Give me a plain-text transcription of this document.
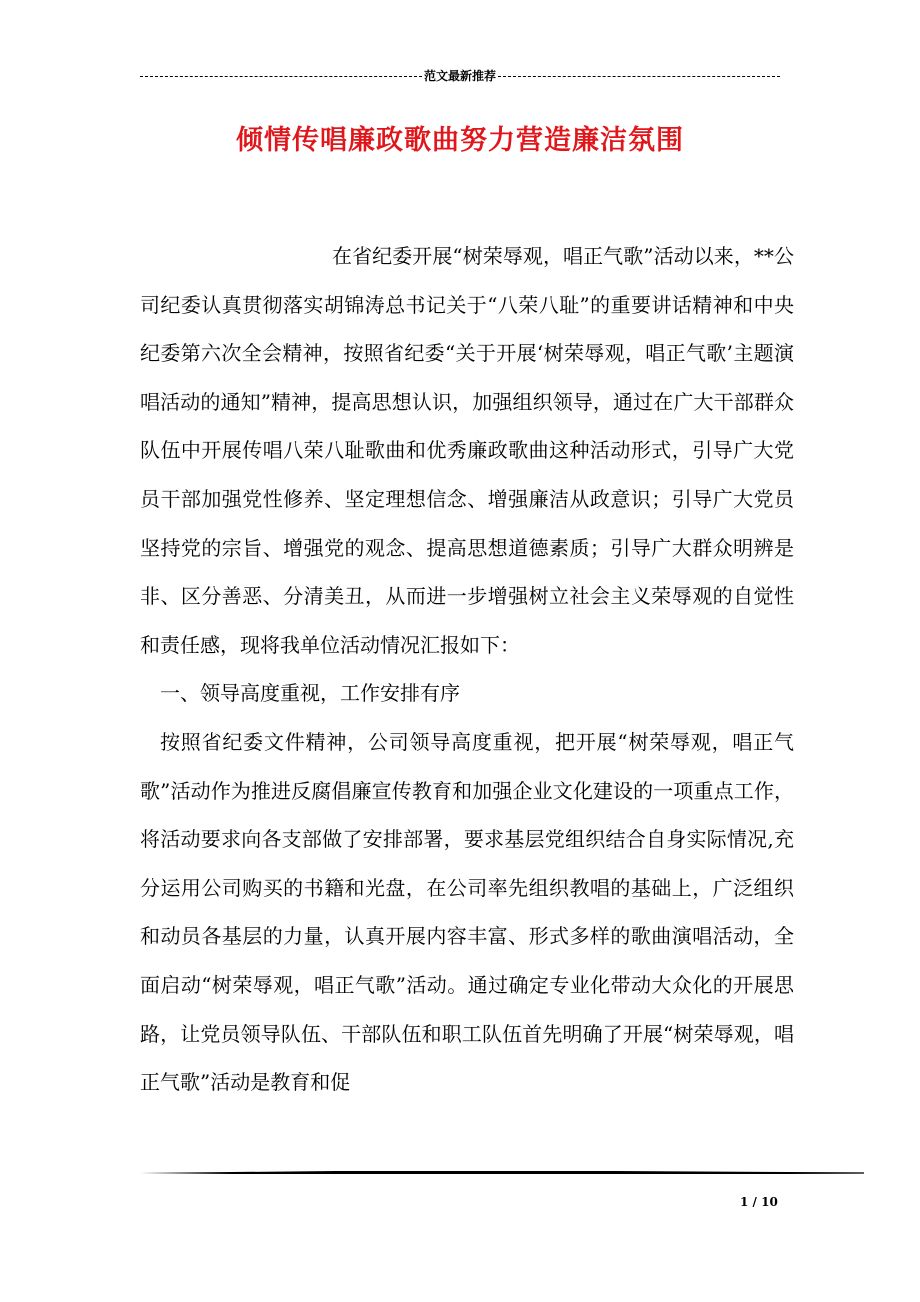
范文最新推荐
倾情传唱廉政歌曲努力营造廉洁氛围

在省纪委开展“树荣辱观，唱正气歌”活动以来，**公司纪委认真贯彻落实胡锦涛总书记关于“八荣八耻”的重要讲话精神和中央纪委第六次全会精神，按照省纪委“关于开展‘树荣辱观，唱正气歌’主题演唱活动的通知”精神，提高思想认识，加强组织领导，通过在广大干部群众队伍中开展传唱八荣八耻歌曲和优秀廉政歌曲这种活动形式，引导广大党员干部加强党性修养、坚定理想信念、增强廉洁从政意识；引导广大党员坚持党的宗旨、增强党的观念、提高思想道德素质；引导广大群众明辨是非、区分善恶、分清美丑，从而进一步增强树立社会主义荣辱观的自觉性和责任感，现将我单位活动情况汇报如下：

一、领导高度重视，工作安排有序

按照省纪委文件精神，公司领导高度重视，把开展“树荣辱观，唱正气歌”活动作为推进反腐倡廉宣传教育和加强企业文化建设的一项重点工作，将活动要求向各支部做了安排部署，要求基层党组织结合自身实际情况,充分运用公司购买的书籍和光盘，在公司率先组织教唱的基础上，广泛组织和动员各基层的力量，认真开展内容丰富、形式多样的歌曲演唱活动，全面启动“树荣辱观，唱正气歌”活动。通过确定专业化带动大众化的开展思路，让党员领导队伍、干部队伍和职工队伍首先明确了开展“树荣辱观，唱正气歌”活动是教育和促

1 / 10
